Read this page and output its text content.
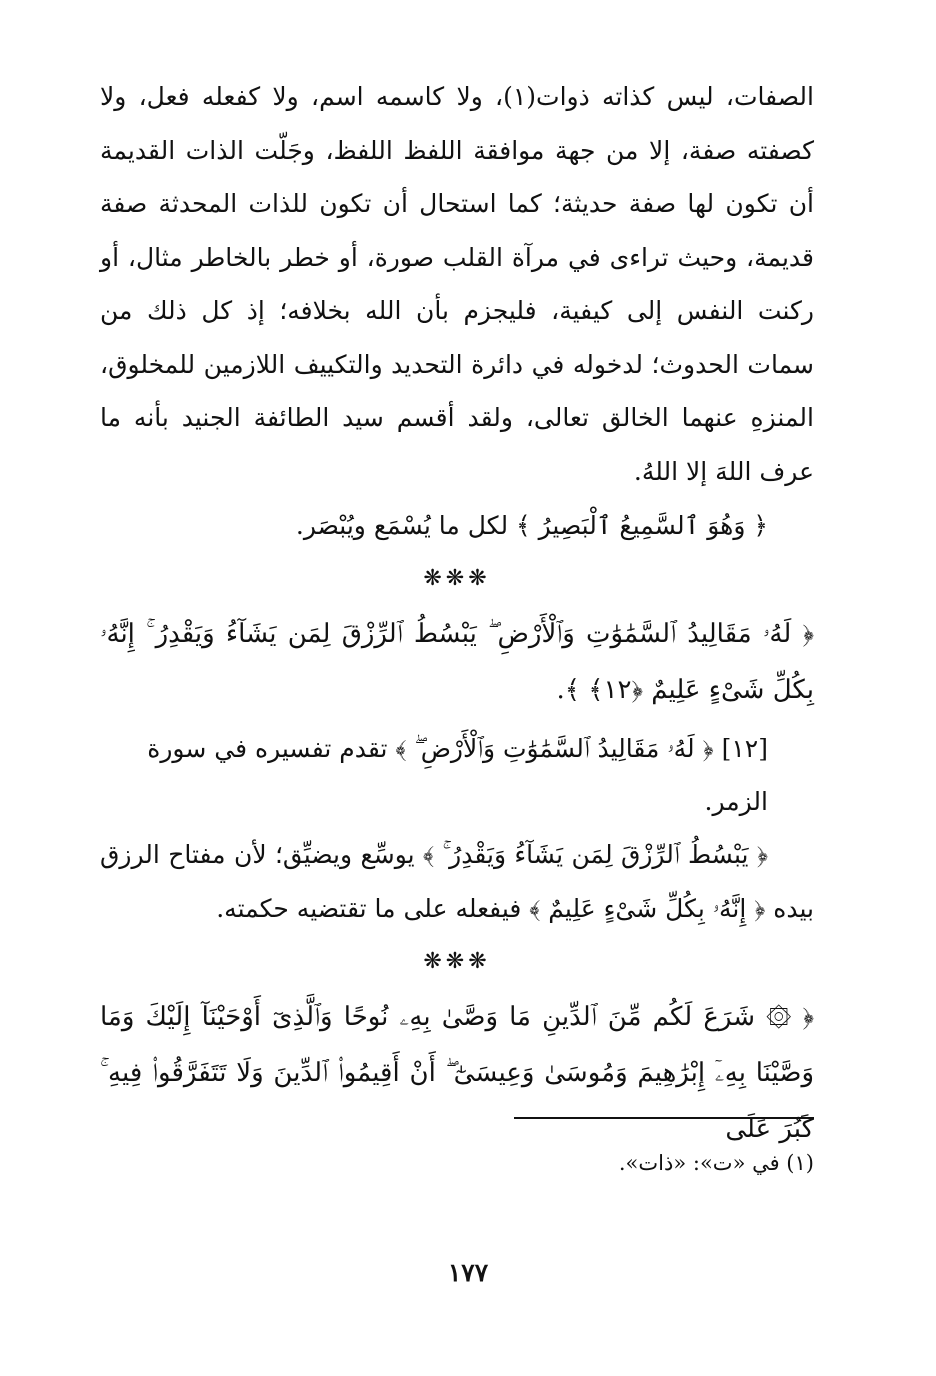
الصفات، ليس كذاته ذوات(١)، ولا كاسمه اسم، ولا كفعله فعل، ولا كصفته صفة، إلا من جهة موافقة اللفظ اللفظ، وجَلّت الذات القديمة أن تكون لها صفة حديثة؛ كما استحال أن تكون للذات المحدثة صفة قديمة، وحيث تراءى في مرآة القلب صورة، أو خطر بالخاطر مثال، أو ركنت النفس إلى كيفية، فليجزم بأن الله بخلافه؛ إذ كل ذلك من سمات الحدوث؛ لدخوله في دائرة التحديد والتكييف اللازمين للمخلوق، المنزهِ عنهما الخالق تعالى، ولقد أقسم سيد الطائفة الجنيد بأنه ما عرف اللهَ إلا اللهُ.

﴿ وَهُوَ ٱلسَّمِيعُ ٱلْبَصِيرُ ﴾ لكل ما يُسْمَع ويُبْصَر.

❋❋❋

﴿ لَهُۥ مَقَالِيدُ ٱلسَّمَٰوَٰتِ وَٱلْأَرْضِ ۖ يَبْسُطُ ٱلرِّزْقَ لِمَن يَشَآءُ وَيَقْدِرُ ۚ إِنَّهُۥ بِكُلِّ شَىْءٍ عَلِيمٌ ﴿١٢﴾ ﴾.

[١٢] ﴿ لَهُۥ مَقَالِيدُ ٱلسَّمَٰوَٰتِ وَٱلْأَرْضِ ۖ ﴾ تقدم تفسيره في سورة الزمر.

﴿ يَبْسُطُ ٱلرِّزْقَ لِمَن يَشَآءُ وَيَقْدِرُ ۚ ﴾ يوسِّع ويضيِّق؛ لأن مفتاح الرزق بيده ﴿ إِنَّهُۥ بِكُلِّ شَىْءٍ عَلِيمٌ ﴾ فيفعله على ما تقتضيه حكمته.

❋❋❋

﴿ ۞ شَرَعَ لَكُم مِّنَ ٱلدِّينِ مَا وَصَّىٰ بِهِۦ نُوحًا وَٱلَّذِىٓ أَوْحَيْنَآ إِلَيْكَ وَمَا وَصَّيْنَا بِهِۦٓ إِبْرَٰهِيمَ وَمُوسَىٰ وَعِيسَىٰٓ ۖ أَنْ أَقِيمُوا۟ ٱلدِّينَ وَلَا تَتَفَرَّقُوا۟ فِيهِ ۚ كَبُرَ عَلَى

(١) في «ت»: «ذات».
١٧٧
